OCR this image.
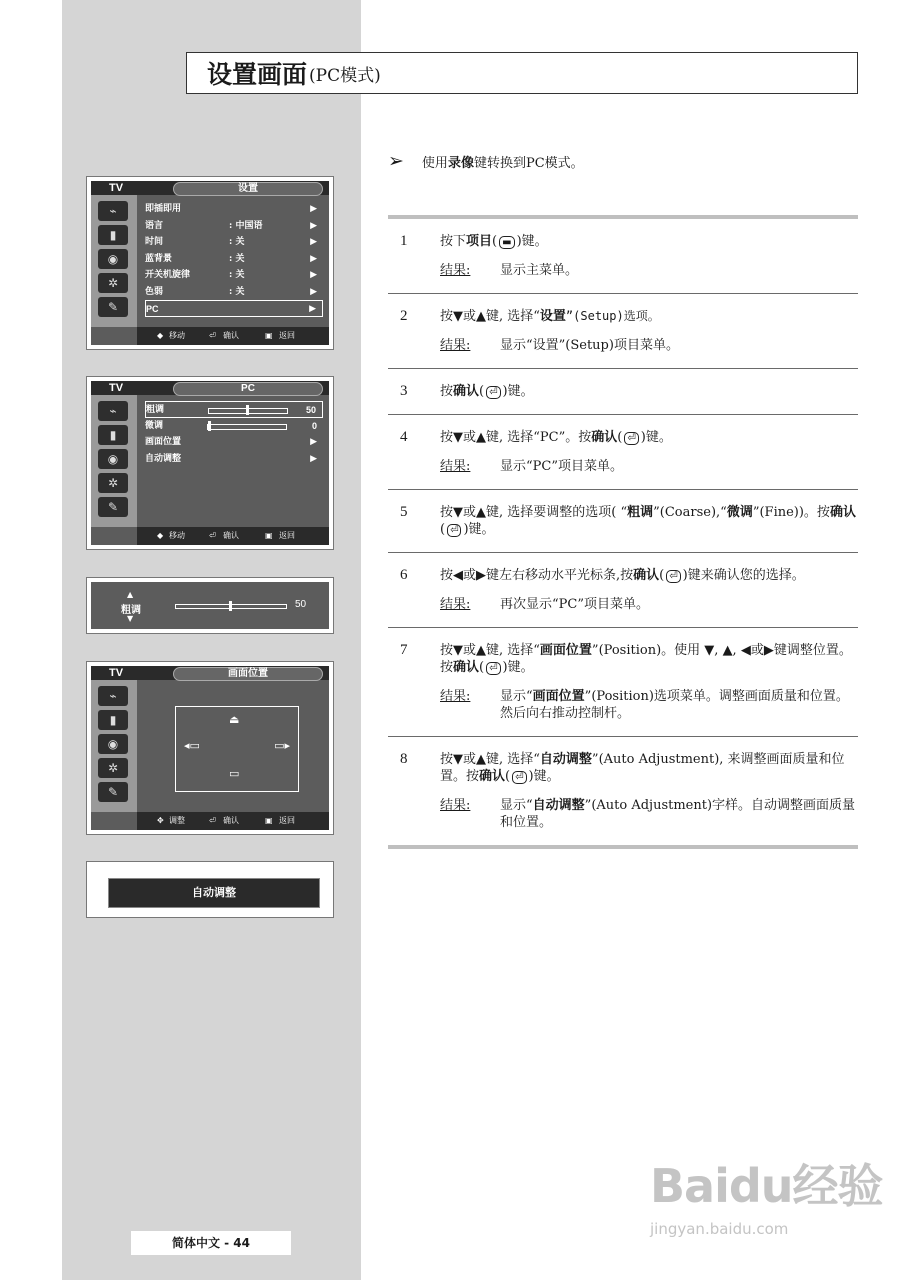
设置画面 (PC模式)
➢ 使用 录像 键转换到PC模式。
1	按下项目( ▬ )键。
结果:	显示主菜单。
2	按▼或▲键, 选择“设置”(Setup)选项。
结果:	显示“设置”(Setup)项目菜单。
3	按确认( ⏎ )键。
4	按▼或▲键, 选择“PC”。按确认( ⏎ )键。
结果:	显示“PC”项目菜单。
5	按▼或▲键, 选择要调整的选项( “粗调”(Coarse),“微调”(Fine))。按确认( ⏎ )键。
6	按◀或▶键左右移动水平光标条,按确认( ⏎ )键来确认您的选择。
结果:	再次显示“PC”项目菜单。
7	按▼或▲键, 选择“画面位置”(Position)。使用 ▼, ▲, ◀或▶键调整位置。按确认( ⏎ )键。
结果:	显示“画面位置”(Position)选项菜单。调整画面质量和位置。然后向右推动控制杆。
8	按▼或▲键, 选择“自动调整”(Auto Adjustment), 来调整画面质量和位置。按确认( ⏎ )键。
结果:	显示“自动调整”(Auto Adjustment)字样。自动调整画面质量和位置。
TV	设置
⌁
▮
◉
✲
✎
即插即用	▶
语言	: 中国语	▶
时间	: 关	▶
蓝背景	: 关	▶
开关机旋律	: 关	▶
色弱	: 关	▶
PC	▶
◆ 移动	⏎ 确认	▣ 返回
TV	PC
⌁
▮
◉
✲
✎
粗调	50
微调	0
画面位置	▶
自动调整	▶
◆ 移动	⏎ 确认	▣ 返回
▲
粗调
▼
50
TV	画面位置
⌁
▮
◉
✲
✎
⏏
◂▭	▭▸
▭
✥ 调整	⏎ 确认	▣ 返回
自动调整
简体中文 - 44
Baidu经验
jingyan.baidu.com
